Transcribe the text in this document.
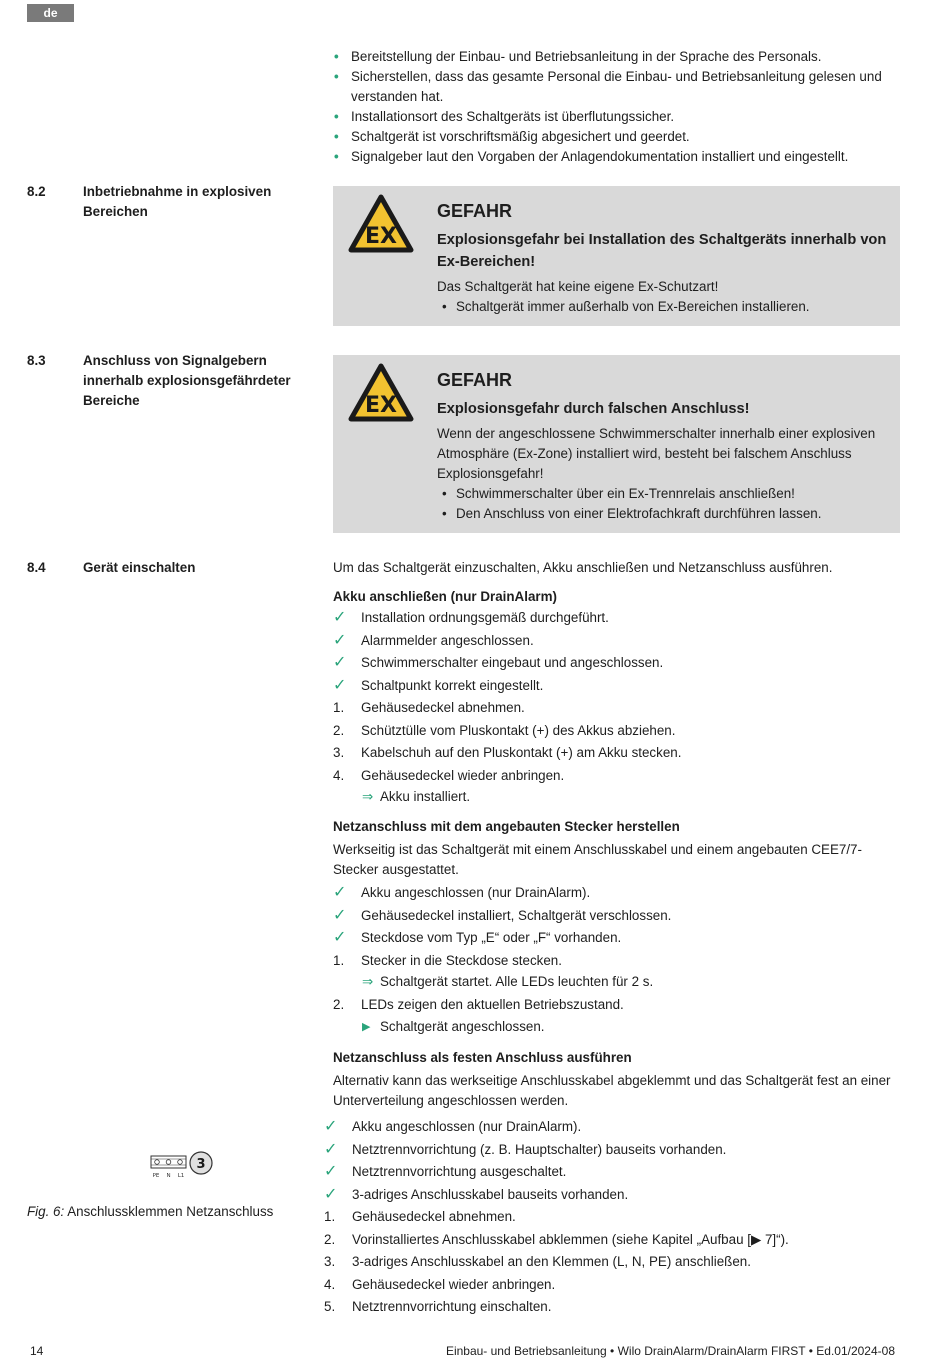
de
• Bereitstellung der Einbau- und Betriebsanleitung in der Sprache des Personals.
• Sicherstellen, dass das gesamte Personal die Einbau- und Betriebsanleitung gelesen und verstanden hat.
• Installationsort des Schaltgeräts ist überflutungssicher.
• Schaltgerät ist vorschriftsmäßig abgesichert und geerdet.
• Signalgeber laut den Vorgaben der Anlagendokumentation installiert und eingestellt.
8.2	Inbetriebnahme in explosiven Bereichen
EX
GEFAHR
Explosionsgefahr bei Installation des Schaltgeräts innerhalb von Ex-Bereichen!
Das Schaltgerät hat keine eigene Ex-Schutzart!
• Schaltgerät immer außerhalb von Ex-Bereichen installieren.
8.3	Anschluss von Signalgebern innerhalb explosionsgefährdeter Bereiche	EX
GEFAHR
Explosionsgefahr durch falschen Anschluss!
Wenn der angeschlossene Schwimmerschalter innerhalb einer explosiven Atmosphäre (Ex-Zone) installiert wird, besteht bei falschem Anschluss Explosionsgefahr!
• Schwimmerschalter über ein Ex-Trennrelais anschließen!
• Den Anschluss von einer Elektrofachkraft durchführen lassen.
8.4	Gerät einschalten	Um das Schaltgerät einzuschalten, Akku anschließen und Netzanschluss ausführen.
Akku anschließen (nur DrainAlarm)
✓ Installation ordnungsgemäß durchgeführt.
✓ Alarmmelder angeschlossen.
✓ Schwimmerschalter eingebaut und angeschlossen.
✓ Schaltpunkt korrekt eingestellt.
1. Gehäusedeckel abnehmen.
2. Schütztülle vom Pluskontakt (+) des Akkus abziehen.
3. Kabelschuh auf den Pluskontakt (+) am Akku stecken.
4. Gehäusedeckel wieder anbringen.
⇒ Akku installiert.
Netzanschluss mit dem angebauten Stecker herstellen
Werkseitig ist das Schaltgerät mit einem Anschlusskabel und einem angebauten CEE7/7-Stecker ausgestattet.
✓ Akku angeschlossen (nur DrainAlarm).
✓ Gehäusedeckel installiert, Schaltgerät verschlossen.
✓ Steckdose vom Typ „E“ oder „F“ vorhanden.
1. Stecker in die Steckdose stecken.
⇒ Schaltgerät startet. Alle LEDs leuchten für 2 s.
2. LEDs zeigen den aktuellen Betriebszustand.
▶ Schaltgerät angeschlossen.
Netzanschluss als festen Anschluss ausführen
Alternativ kann das werkseitige Anschlusskabel abgeklemmt und das Schaltgerät fest an einer Unterverteilung angeschlossen werden.
✓ Akku angeschlossen (nur DrainAlarm).
✓ Netztrennvorrichtung (z. B. Hauptschalter) bauseits vorhanden.
✓ Netztrennvorrichtung ausgeschaltet.
✓ 3-adriges Anschlusskabel bauseits vorhanden.
1. Gehäusedeckel abnehmen.
2. Vorinstalliertes Anschlusskabel abklemmen (siehe Kapitel „Aufbau [▶ 7]“).
3. 3-adriges Anschlusskabel an den Klemmen (L, N, PE) anschließen.
4. Gehäusedeckel wieder anbringen.
5. Netztrennvorrichtung einschalten.
PE N L1
3
Fig. 6: Anschlussklemmen Netzanschluss
14	Einbau- und Betriebsanleitung • Wilo DrainAlarm/DrainAlarm FIRST • Ed.01/2024-08
